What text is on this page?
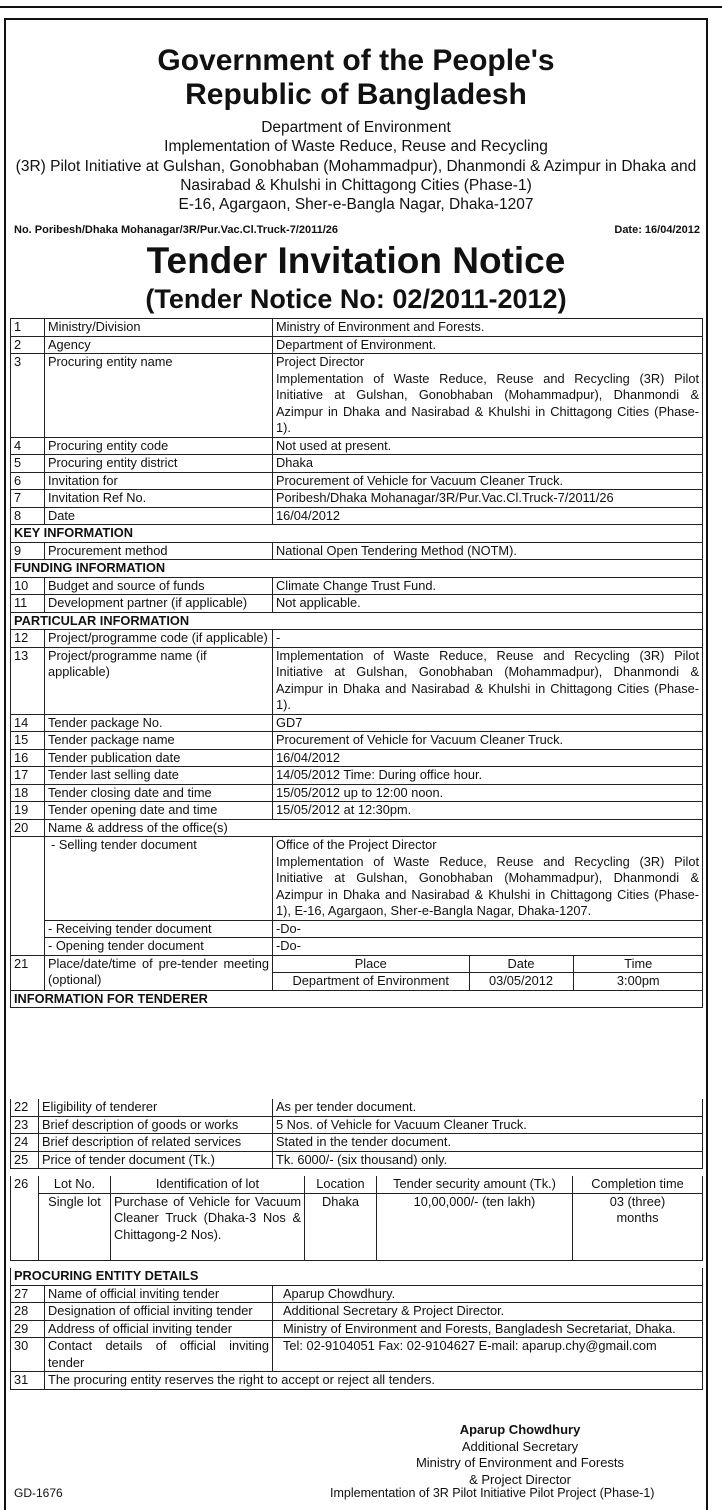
Government of the People's
Republic of Bangladesh
Department of Environment
Implementation of Waste Reduce, Reuse and Recycling
(3R) Pilot Initiative at Gulshan, Gonobhaban (Mohammadpur), Dhanmondi & Azimpur in Dhaka and
Nasirabad & Khulshi in Chittagong Cities (Phase-1)
E-16, Agargaon, Sher-e-Bangla Nagar, Dhaka-1207
No. Poribesh/Dhaka Mohanagar/3R/Pur.Vac.Cl.Truck-7/2011/26	Date: 16/04/2012
Tender Invitation Notice
(Tender Notice No: 02/2011-2012)
1	Ministry/Division	Ministry of Environment and Forests.
2	Agency	Department of Environment.
3	Procuring entity name	Project Director
Implementation of Waste Reduce, Reuse and Recycling (3R) Pilot Initiative at Gulshan, Gonobhaban (Mohammadpur), Dhanmondi & Azimpur in Dhaka and Nasirabad & Khulshi in Chittagong Cities (Phase-1).

4	Procuring entity code	Not used at present.
5	Procuring entity district	Dhaka
6	Invitation for	Procurement of Vehicle for Vacuum Cleaner Truck.
7	Invitation Ref No.	Poribesh/Dhaka Mohanagar/3R/Pur.Vac.Cl.Truck-7/2011/26
8	Date	16/04/2012
KEY INFORMATION
9	Procurement method	National Open Tendering Method (NOTM).
FUNDING INFORMATION
10	Budget and source of funds	Climate Change Trust Fund.
11	Development partner (if applicable)	Not applicable.
PARTICULAR INFORMATION
12	Project/programme code (if applicable)	-
13	Project/programme name (if applicable)	Implementation of Waste Reduce, Reuse and Recycling (3R) Pilot Initiative at Gulshan, Gonobhaban (Mohammadpur), Dhanmondi & Azimpur in Dhaka and Nasirabad & Khulshi in Chittagong Cities (Phase-1).
14	Tender package No.	GD7
15	Tender package name	Procurement of Vehicle for Vacuum Cleaner Truck.
16	Tender publication date	16/04/2012
17	Tender last selling date	14/05/2012 Time: During office hour.
18	Tender closing date and time	15/05/2012 up to 12:00 noon.
19	Tender opening date and time	15/05/2012 at 12:30pm.
20	Name & address of the office(s)
	- Selling tender document	Office of the Project Director
Implementation of Waste Reduce, Reuse and Recycling (3R) Pilot Initiative at Gulshan, Gonobhaban (Mohammadpur), Dhanmondi & Azimpur in Dhaka and Nasirabad & Khulshi in Chittagong Cities (Phase-1), E-16, Agargaon, Sher-e-Bangla Nagar, Dhaka-1207.

- Receiving tender document	-Do-
- Opening tender document	-Do-
21	Place/date/time of pre-tender meeting (optional)	
Place	Date	Time
Department of Environment	03/05/2012	3:00pm

INFORMATION FOR TENDERER
22	Eligibility of tenderer	As per tender document.
23	Brief description of goods or works	5 Nos. of Vehicle for Vacuum Cleaner Truck.
24	Brief description of related services	Stated in the tender document.
25	Price of tender document (Tk.)	Tk. 6000/- (six thousand) only.
26	Lot No.	Identification of lot	Location	Tender security amount (Tk.)	Completion time
	Single lot	Purchase of Vehicle for Vacuum Cleaner Truck (Dhaka-3 Nos & Chittagong-2 Nos).	Dhaka	10,00,000/- (ten lakh)	03 (three) months
PROCURING ENTITY DETAILS		
27	Name of official inviting tender	Aparup Chowdhury.
28	Designation of official inviting tender	Additional Secretary & Project Director.
29	Address of official inviting tender	Ministry of Environment and Forests, Bangladesh Secretariat, Dhaka.
30	Contact details of official inviting tender	Tel: 02-9104051 Fax: 02-9104627 E-mail: aparup.chy@gmail.com
31	The procuring entity reserves the right to accept or reject all tenders.	
Aparup Chowdhury
Additional Secretary
Ministry of Environment and Forests
& Project Director
GD-1676	Implementation of 3R Pilot Initiative Pilot Project (Phase-1)
